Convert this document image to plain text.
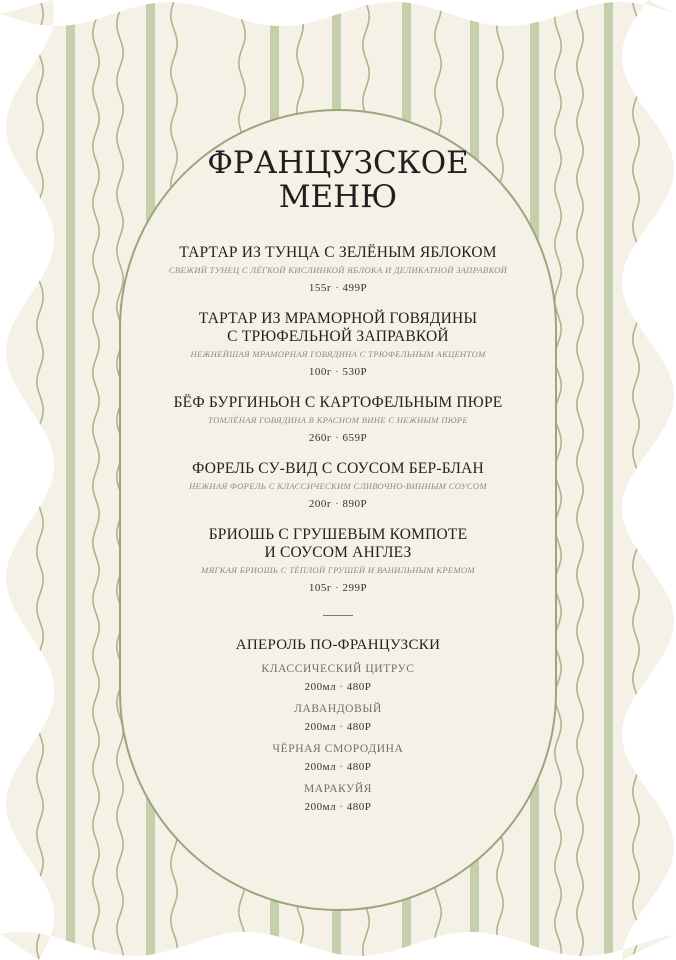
ФРАНЦУЗСКОЕ
МЕНЮ
ТАРТАР ИЗ ТУНЦА С ЗЕЛЁНЫМ ЯБЛОКОМ
СВЕЖИЙ ТУНЕЦ С ЛЁГКОЙ КИСЛИНКОЙ ЯБЛОКА И ДЕЛИКАТНОЙ ЗАПРАВКОЙ
155г · 499Р
ТАРТАР ИЗ МРАМОРНОЙ ГОВЯДИНЫ
С ТРЮФЕЛЬНОЙ ЗАПРАВКОЙ
НЕЖНЕЙШАЯ МРАМОРНАЯ ГОВЯДИНА С ТРЮФЕЛЬНЫМ АКЦЕНТОМ
100г · 530Р
БЁФ БУРГИНЬОН С КАРТОФЕЛЬНЫМ ПЮРЕ
ТОМЛЁНАЯ ГОВЯДИНА В КРАСНОМ ВИНЕ С НЕЖНЫМ ПЮРЕ
260г · 659Р
ФОРЕЛЬ СУ-ВИД С СОУСОМ БЕР-БЛАН
НЕЖНАЯ ФОРЕЛЬ С КЛАССИЧЕСКИМ СЛИВОЧНО-ВИННЫМ СОУСОМ
200г · 890Р
БРИОШЬ С ГРУШЕВЫМ КОМПОТЕ
И СОУСОМ АНГЛЕЗ
МЯГКАЯ БРИОШЬ С ТЁПЛОЙ ГРУШЕЙ И ВАНИЛЬНЫМ КРЕМОМ
105г · 299Р
АПЕРОЛЬ ПО-ФРАНЦУЗСКИ
КЛАССИЧЕСКИЙ ЦИТРУС
200мл · 480Р
ЛАВАНДОВЫЙ
200мл · 480Р
ЧЁРНАЯ СМОРОДИНА
200мл · 480Р
МАРАКУЙЯ
200мл · 480Р
